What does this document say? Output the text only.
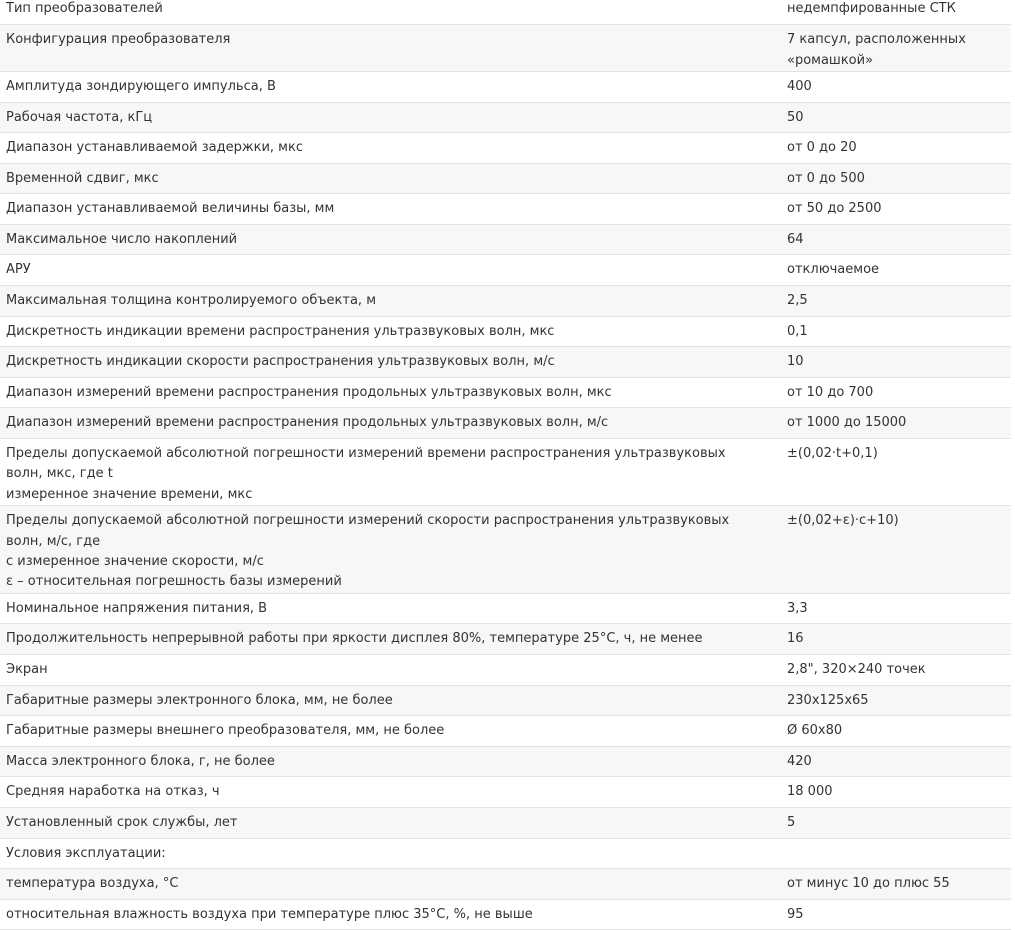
Тип преобразователей	недемпфированные СТК

Конфигурация преобразователя	7 капсул, расположенных
«ромашкой»

Амплитуда зондирующего импульса, В	400

Рабочая частота, кГц	50

Диапазон устанавливаемой задержки, мкс	от 0 до 20

Временной сдвиг, мкс	от 0 до 500

Диапазон устанавливаемой величины базы, мм	от 50 до 2500

Максимальное число накоплений	64

АРУ	отключаемое

Максимальная толщина контролируемого объекта, м	2,5

Дискретность индикации времени распространения ультразвуковых волн, мкс	0,1

Дискретность индикации скорости распространения ультразвуковых волн, м/с	10

Диапазон измерений времени распространения продольных ультразвуковых волн, мкс	от 10 до 700

Диапазон измерений времени распространения продольных ультразвуковых волн, м/с	от 1000 до 15000

Пределы допускаемой абсолютной погрешности измерений времени распространения ультразвуковых волн, мкс, где t
измеренное значение времени, мкс	±(0,02·t+0,1)

Пределы допускаемой абсолютной погрешности измерений скорости распространения ультразвуковых волн, м/с, где
с измеренное значение скорости, м/с
ε – относительная погрешность базы измерений	±(0,02+ε)·c+10)

Номинальное напряжения питания, В	3,3

Продолжительность непрерывной работы при яркости дисплея 80%, температуре 25°С, ч, не менее	16

Экран	2,8", 320×240 точек

Габаритные размеры электронного блока, мм, не более	230х125х65

Габаритные размеры внешнего преобразователя, мм, не более	Ø 60х80

Масса электронного блока, г, не более	420

Средняя наработка на отказ, ч	18 000

Установленный срок службы, лет	5

Условия эксплуатации:	

температура воздуха, °С	от минус 10 до плюс 55

относительная влажность воздуха при температуре плюс 35°С, %, не выше	95
